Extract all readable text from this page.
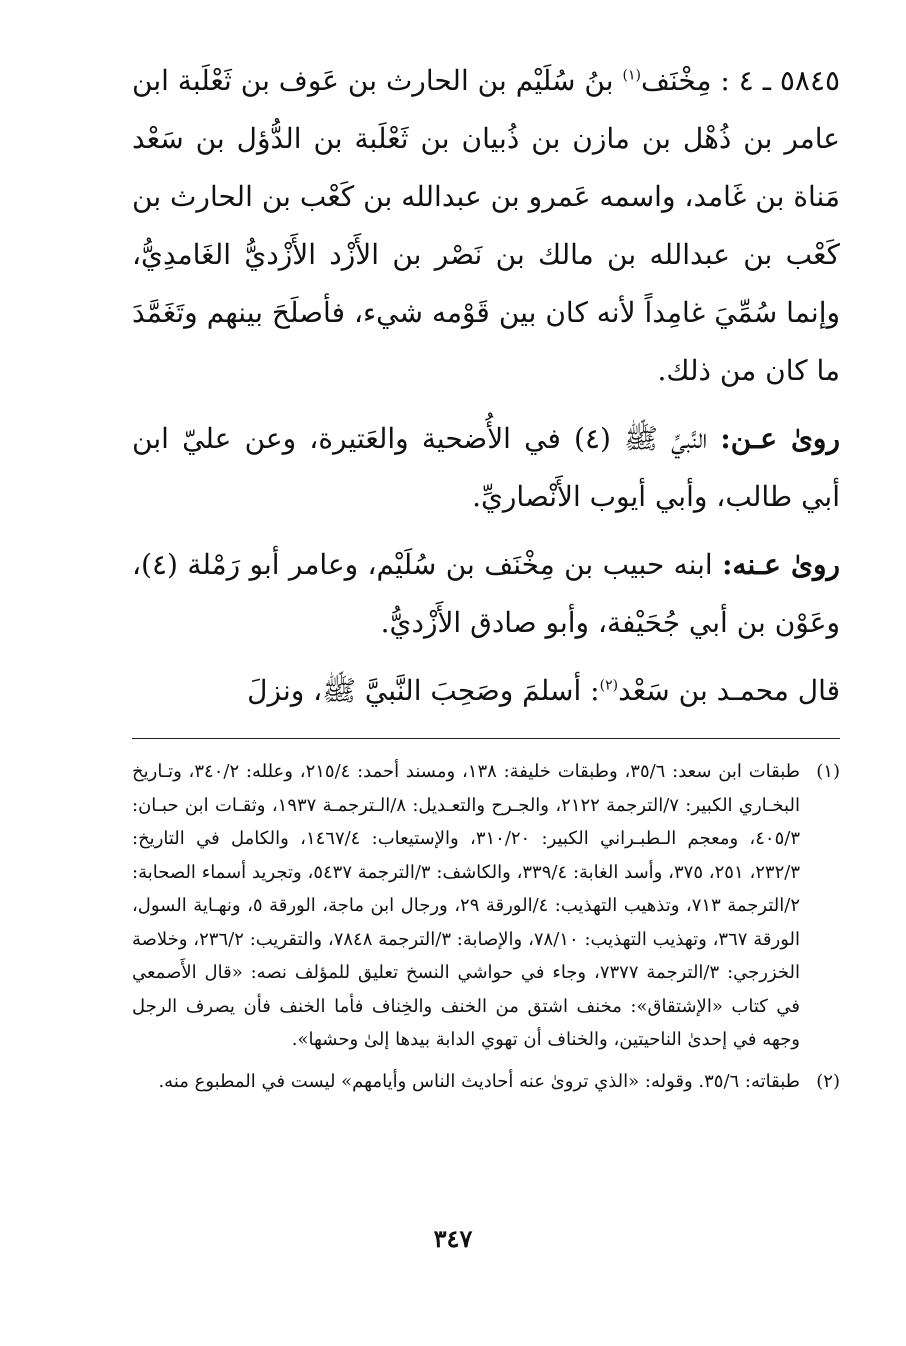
٥٨٤٥ ـ ٤ : مِخْنَف$^{(١)}$ بنُ سُلَيْم بن الحارث بن عَوف بن ثَعْلَبة ابن عامر بن ذُهْل بن مازن بن ذُبيان بن ثَعْلَبة بن الدُّؤل بن سَعْد مَناة بن غَامد، واسمه عَمرو بن عبدالله بن كَعْب بن الحارث بن كَعْب بن عبدالله بن مالك بن نَصْر بن الأَزْد الأَزْديُّ الغَامدِيُّ، وإنما سُمِّيَ غامِداً لأنه كان بين قَوْمه شيء، فأصلَحَ بينهم وتَغَمَّدَ ما كان من ذلك.

روىٰ عـن: النَّبيِّ ﷺ (٤) في الأُضحية والعَتيرة، وعن عليّ ابن أبي طالب، وأبي أيوب الأَنْصاريِّ.

روىٰ عـنه: ابنه حبيب بن مِخْنَف بن سُلَيْم، وعامر أبو رَمْلة (٤)، وعَوْن بن أبي جُحَيْفة، وأبو صادق الأَزْديُّ.

قال محمـد بن سَعْد$^{(٢)}$: أسلمَ وصَحِبَ النَّبيَّ ﷺ، ونزلَ

(١)
طبقات ابن سعد: ٣٥/٦، وطبقات خليفة: ١٣٨، ومسند أحمد: ٢١٥/٤، وعلله: ٣٤٠/٢، وتـاريخ البخـاري الكبير: ٧/الترجمة ٢١٢٢، والجـرح والتعـديل: ٨/الـترجمـة ١٩٣٧، وثقـات ابن حبـان: ٤٠٥/٣، ومعجم الـطبـراني الكبير: ٣١٠/٢٠، والإستيعاب: ١٤٦٧/٤، والكامل في التاريخ: ٢٣٢/٣، ٢٥١، ٣٧٥، وأسد الغابة: ٣٣٩/٤، والكاشف: ٣/الترجمة ٥٤٣٧، وتجريد أسماء الصحابة: ٢/الترجمة ٧١٣، وتذهيب التهذيب: ٤/الورقة ٢٩، ورجال ابن ماجة، الورقة ٥، ونهـاية السول، الورقة ٣٦٧، وتهذيب التهذيب: ٧٨/١٠، والإصابة: ٣/الترجمة ٧٨٤٨، والتقريب: ٢٣٦/٢، وخلاصة الخزرجي: ٣/الترجمة ٧٣٧٧، وجاء في حواشي النسخ تعليق للمؤلف نصه: «قال الأَصمعي في كتاب «الإشتقاق»: مخنف اشتق من الخنف والخِناف فأما الخنف فأن يصرف الرجل وجهه في إحدىٰ الناحيتين، والخناف أن تهوي الدابة بيدها إلىٰ وحشها».
(٢)
طبقاته: ٣٥/٦. وقوله: «الذي تروىٰ عنه أحاديث الناس وأيامهم» ليست في المطبوع منه.
٣٤٧
